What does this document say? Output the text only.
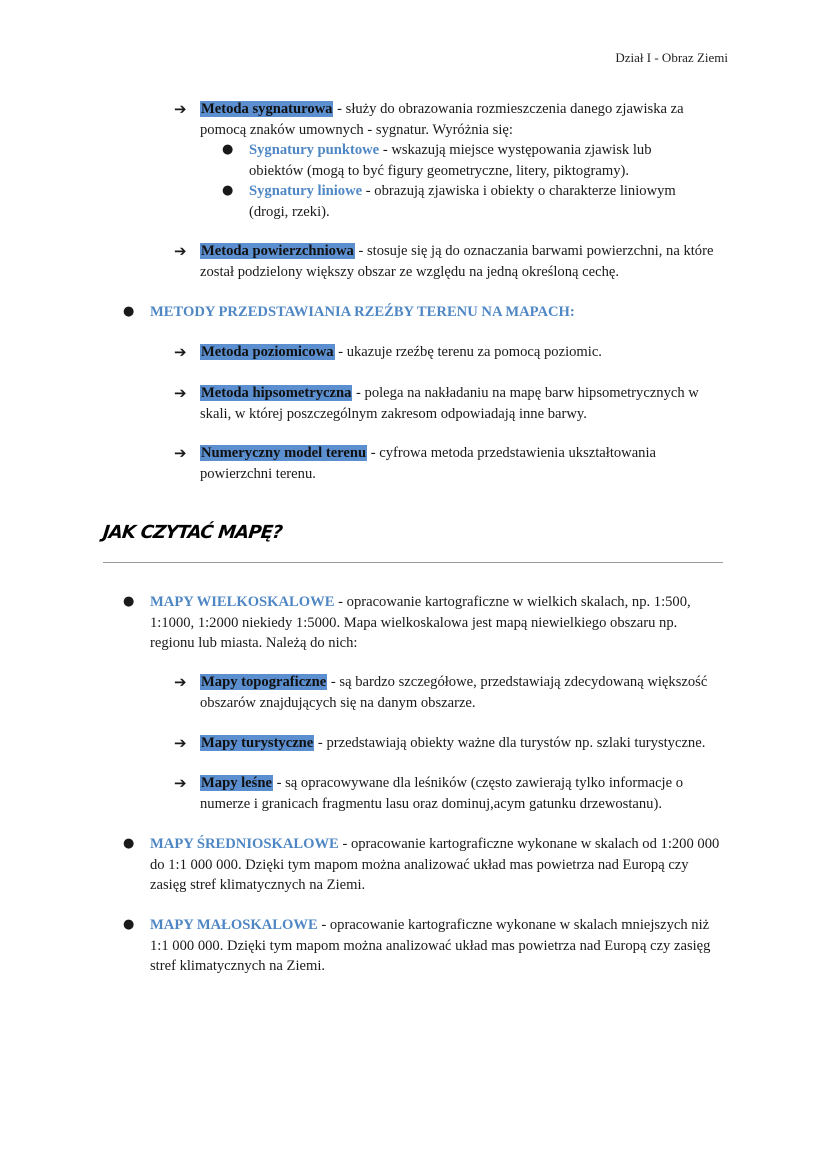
Dział I - Obraz Ziemi
➔ Metoda sygnaturowa - służy do obrazowania rozmieszczenia danego zjawiska za pomocą znaków umownych - sygnatur. Wyróżnia się:
● Sygnatury punktowe - wskazują miejsce występowania zjawisk lub obiektów (mogą to być figury geometryczne, litery, piktogramy).
● Sygnatury liniowe - obrazują zjawiska i obiekty o charakterze liniowym (drogi, rzeki).
➔ Metoda powierzchniowa - stosuje się ją do oznaczania barwami powierzchni, na które został podzielony większy obszar ze względu na jedną określoną cechę.
● METODY PRZEDSTAWIANIA RZEŹBY TERENU NA MAPACH:
➔ Metoda poziomicowa - ukazuje rzeźbę terenu za pomocą poziomic.
➔ Metoda hipsometryczna - polega na nakładaniu na mapę barw hipsometrycznych w skali, w której poszczególnym zakresom odpowiadają inne barwy.
➔ Numeryczny model terenu - cyfrowa metoda przedstawienia ukształtowania powierzchni terenu.
JAK CZYTAĆ MAPĘ?
● MAPY WIELKOSKALOWE - opracowanie kartograficzne w wielkich skalach, np. 1:500, 1:1000, 1:2000 niekiedy 1:5000. Mapa wielkoskalowa jest mapą niewielkiego obszaru np. regionu lub miasta. Należą do nich:
➔ Mapy topograficzne - są bardzo szczegółowe, przedstawiają zdecydowaną większość obszarów znajdujących się na danym obszarze.
➔ Mapy turystyczne - przedstawiają obiekty ważne dla turystów np. szlaki turystyczne.
➔ Mapy leśne - są opracowywane dla leśników (często zawierają tylko informacje o numerze i granicach fragmentu lasu oraz dominuj,acym gatunku drzewostanu).
● MAPY ŚREDNIOSKALOWE - opracowanie kartograficzne wykonane w skalach od 1:200 000 do 1:1 000 000. Dzięki tym mapom można analizować układ mas powietrza nad Europą czy zasięg stref klimatycznych na Ziemi.
● MAPY MAŁOSKALOWE - opracowanie kartograficzne wykonane w skalach mniejszych niż 1:1 000 000. Dzięki tym mapom można analizować układ mas powietrza nad Europą czy zasięg stref klimatycznych na Ziemi.
